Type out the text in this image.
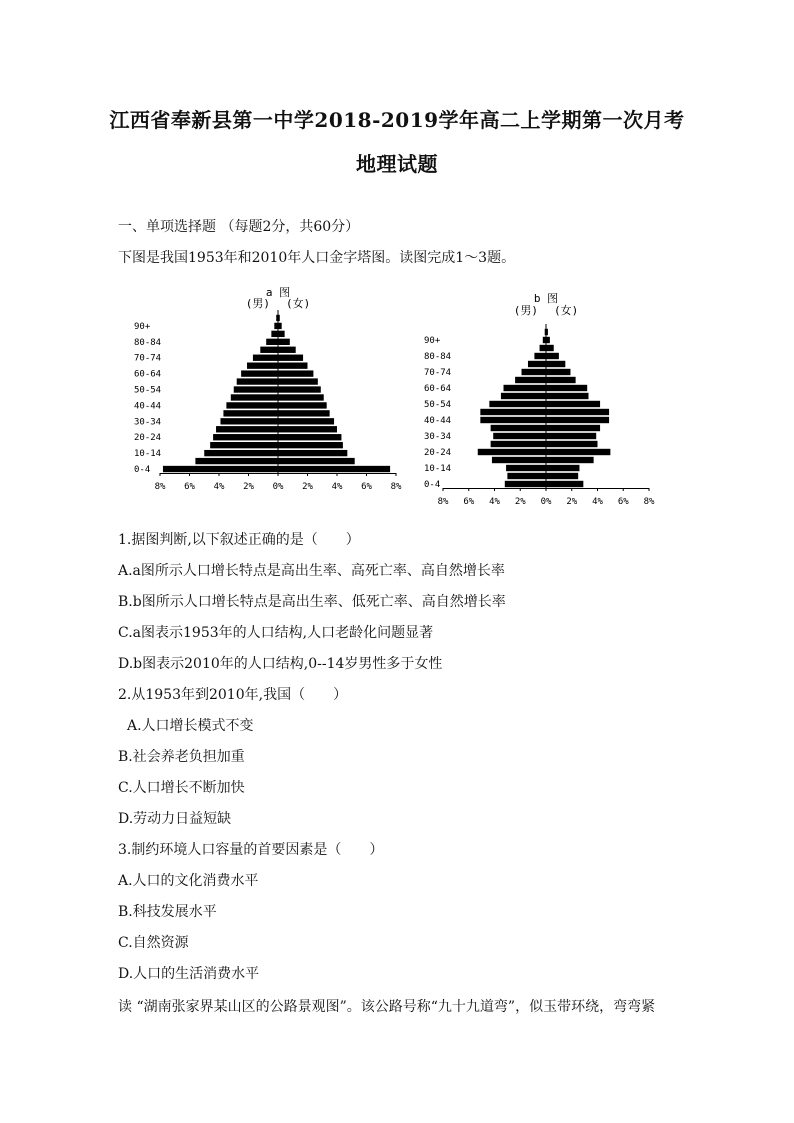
江西省奉新县第一中学2018-2019学年高二上学期第一次月考
地理试题
一、单项选择题 （每题2分，共60分）
下图是我国1953年和2010年人口金字塔图。读图完成1～3题。
0-4
10-14
20-24
30-34
40-44
50-54
60-64
70-74
80-84
90+
8% 6% 4% 2% 0% 2% 4% 6% 8%
a 图
(男) (女)
0-4
10-14
20-24
30-34
40-44
50-54
60-64
70-74
80-84
90+
8% 6% 4% 2% 0% 2% 4% 6% 8%
b 图
(男) (女)
1.据图判断,以下叙述正确的是（　　）
A.a图所示人口增长特点是高出生率、高死亡率、高自然增长率
B.b图所示人口增长特点是高出生率、低死亡率、高自然增长率
C.a图表示1953年的人口结构,人口老龄化问题显著
D.b图表示2010年的人口结构,0--14岁男性多于女性
2.从1953年到2010年,我国（　　）
A.人口增长模式不变
B.社会养老负担加重
C.人口增长不断加快
D.劳动力日益短缺
3.制约环境人口容量的首要因素是（　　）
A.人口的文化消费水平
B.科技发展水平
C.自然资源
D.人口的生活消费水平
读 “湖南张家界某山区的公路景观图”。该公路号称“九十九道弯”，似玉带环绕，弯弯紧
